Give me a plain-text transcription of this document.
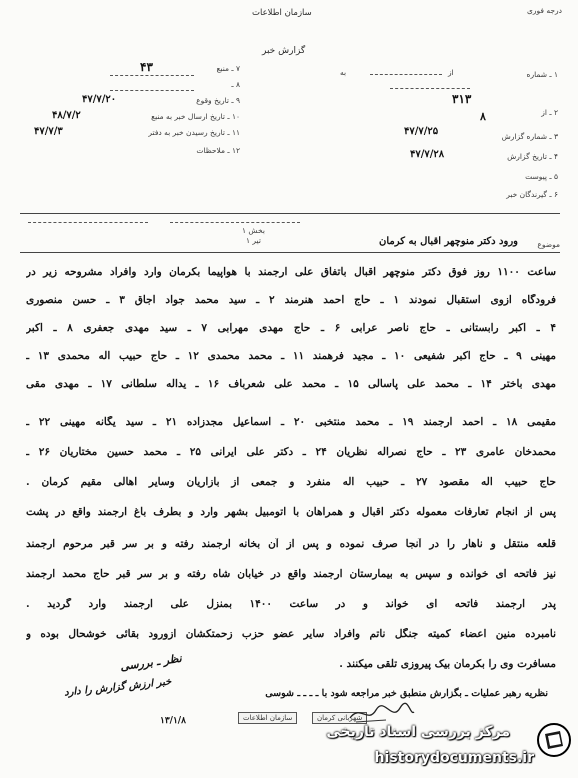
درجه فوری
سازمان اطلاعات
گزارش خبر
۱ ـ شماره
۳۱۳
۲ ـ از
۸
۳ ـ شماره گزارش
۴۷/۷/۲۵
۴ ـ تاریخ گزارش
۴۷/۷/۲۸
۵ ـ پیوست
۶ ـ گیرندگان خبر
از
به
۷ ـ منبع
۴۳
۸ ـ
۹ ـ تاریخ وقوع
۴۷/۷/۲۰
۱۰ ـ تاریخ ارسال خبر به منبع
۴۸/۷/۲
۱۱ ـ تاریخ رسیدن خبر به دفتر
۴۷/۷/۳
۱۲ ـ ملاحظات
بخش ۱
تیر ۱	موضوع
ورود دکتر منوچهر اقبال به کرمان
ساعت ۱۱۰۰ روز فوق دکتر منوچهر اقبال باتفاق علی ارجمند با هواپیما بکرمان وارد وافراد مشروحه زیر در
فرودگاه ازوی استقبال نمودند ۱ ـ حاج احمد هنرمند ۲ ـ سید محمد جواد اجاق ۳ ـ حسن منصوری
۴ ـ اکبر رابستانی ـ حاج ناصر عرابی ۶ ـ حاج مهدی مهرابی ۷ ـ سید مهدی جعفری ۸ ـ اکبر
مهینی ۹ ـ حاج اکبر شفیعی ۱۰ ـ مجید فرهمند ۱۱ ـ محمد محمدی ۱۲ ـ حاج حبیب اله محمدی ۱۳ ـ
مهدی باختر ۱۴ ـ محمد علی پاسالی ۱۵ ـ محمد علی شعرباف ۱۶ ـ یداله سلطانی ۱۷ ـ مهدی مقی
مقیمی ۱۸ ـ احمد ارجمند ۱۹ ـ محمد منتخبی ۲۰ ـ اسماعیل مجدزاده ۲۱ ـ سید یگانه مهینی ۲۲ ـ
محمدخان عامری ۲۳ ـ حاج نصراله نظریان ۲۴ ـ دکتر علی ایرانی ۲۵ ـ محمد حسین مختاریان ۲۶ ـ
حاج حبیب اله مقصود ۲۷ ـ حبیب اله منفرد و جمعی از بازاریان وسایر اهالی مقیم کرمان .
پس از انجام تعارفات معموله دکتر اقبال و همراهان با اتومبیل بشهر وارد و بطرف باغ ارجمند واقع در پشت
قلعه منتقل و ناهار را در آنجا صرف نموده و پس از آن بخانه ارجمند رفته و بر سر قبر مرحوم ارجمند
نیز فاتحه ای خوانده و سپس به بیمارستان ارجمند واقع در خیابان شاه رفته و بر سر قبر حاج محمد ارجمند
پدر ارجمند فاتحه ای خواند و در ساعت ۱۴۰۰ بمنزل علی ارجمند وارد گردید .
نامبرده منین اعضاء کمیته جنگل ناتم وافراد سایر عضو حزب زحمتکشان ازورود بقائی خوشحال بوده و
مسافرت وی را بکرمان بیک پیروزی تلقی میکنند .
نظر ـ بررسی
خبر ارزش گزارش را دارد	نظریه رهبر عملیات ـ بگزارش منطبق خبر مراجعه شود با ـ ـ ـ ـ شوسی
سازمان اطلاعات	شهربانی کرمان
۱۳/۱/۸
مرکز بررسی اسناد تاریخی
historydocuments.ir
